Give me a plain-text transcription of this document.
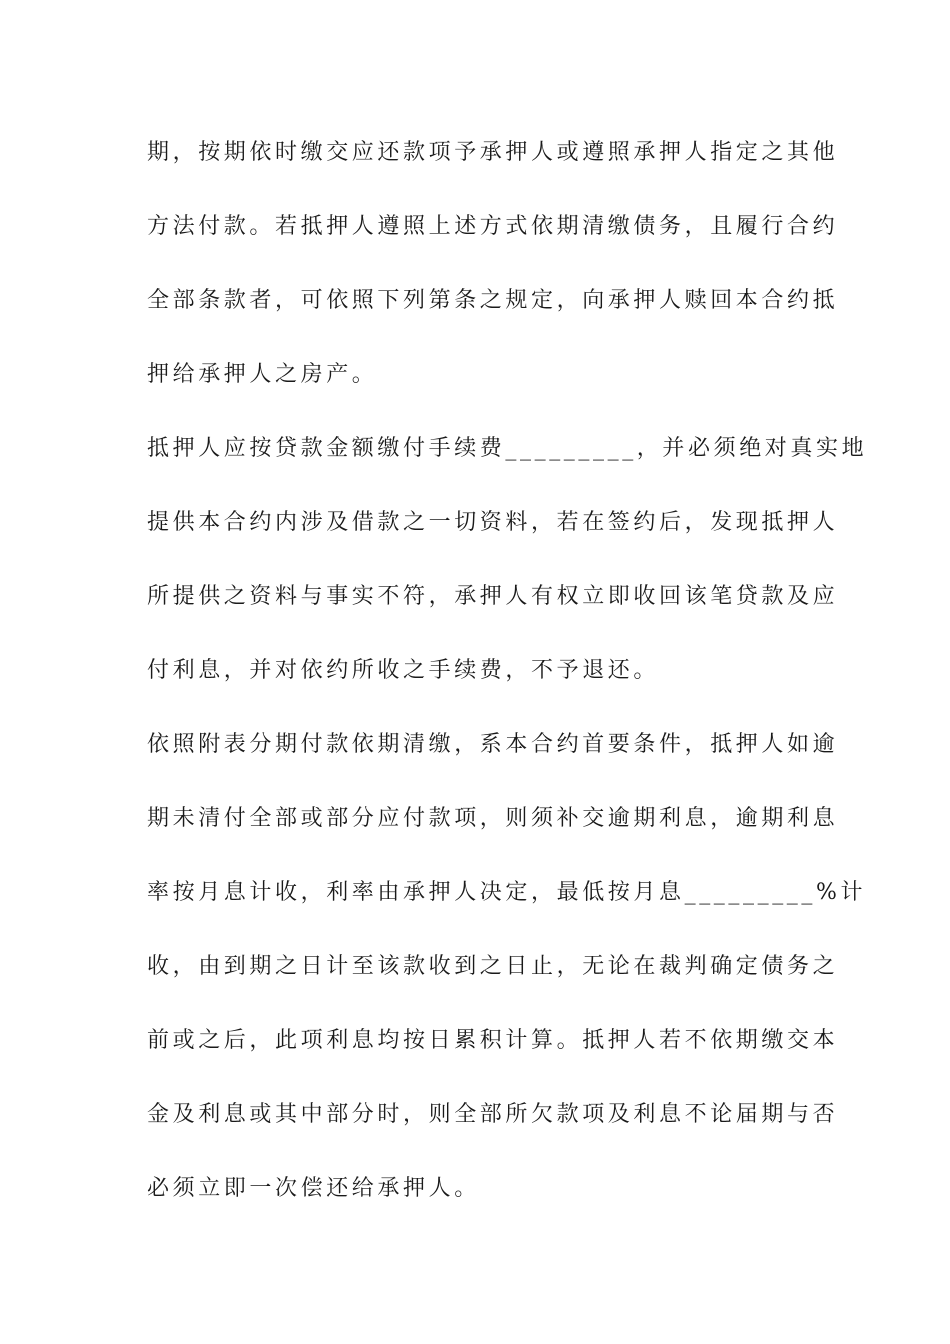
期，按期依时缴交应还款项予承押人或遵照承押人指定之其他
方法付款。若抵押人遵照上述方式依期清缴债务，且履行合约
全部条款者，可依照下列第条之规定，向承押人赎回本合约抵
押给承押人之房产。
抵押人应按贷款金额缴付手续费_________，并必须绝对真实地
提供本合约内涉及借款之一切资料，若在签约后，发现抵押人
所提供之资料与事实不符，承押人有权立即收回该笔贷款及应
付利息，并对依约所收之手续费，不予退还。
依照附表分期付款依期清缴，系本合约首要条件，抵押人如逾
期未清付全部或部分应付款项，则须补交逾期利息，逾期利息
率按月息计收，利率由承押人决定，最低按月息_________%计
收，由到期之日计至该款收到之日止，无论在裁判确定债务之
前或之后，此项利息均按日累积计算。抵押人若不依期缴交本
金及利息或其中部分时，则全部所欠款项及利息不论届期与否
必须立即一次偿还给承押人。
